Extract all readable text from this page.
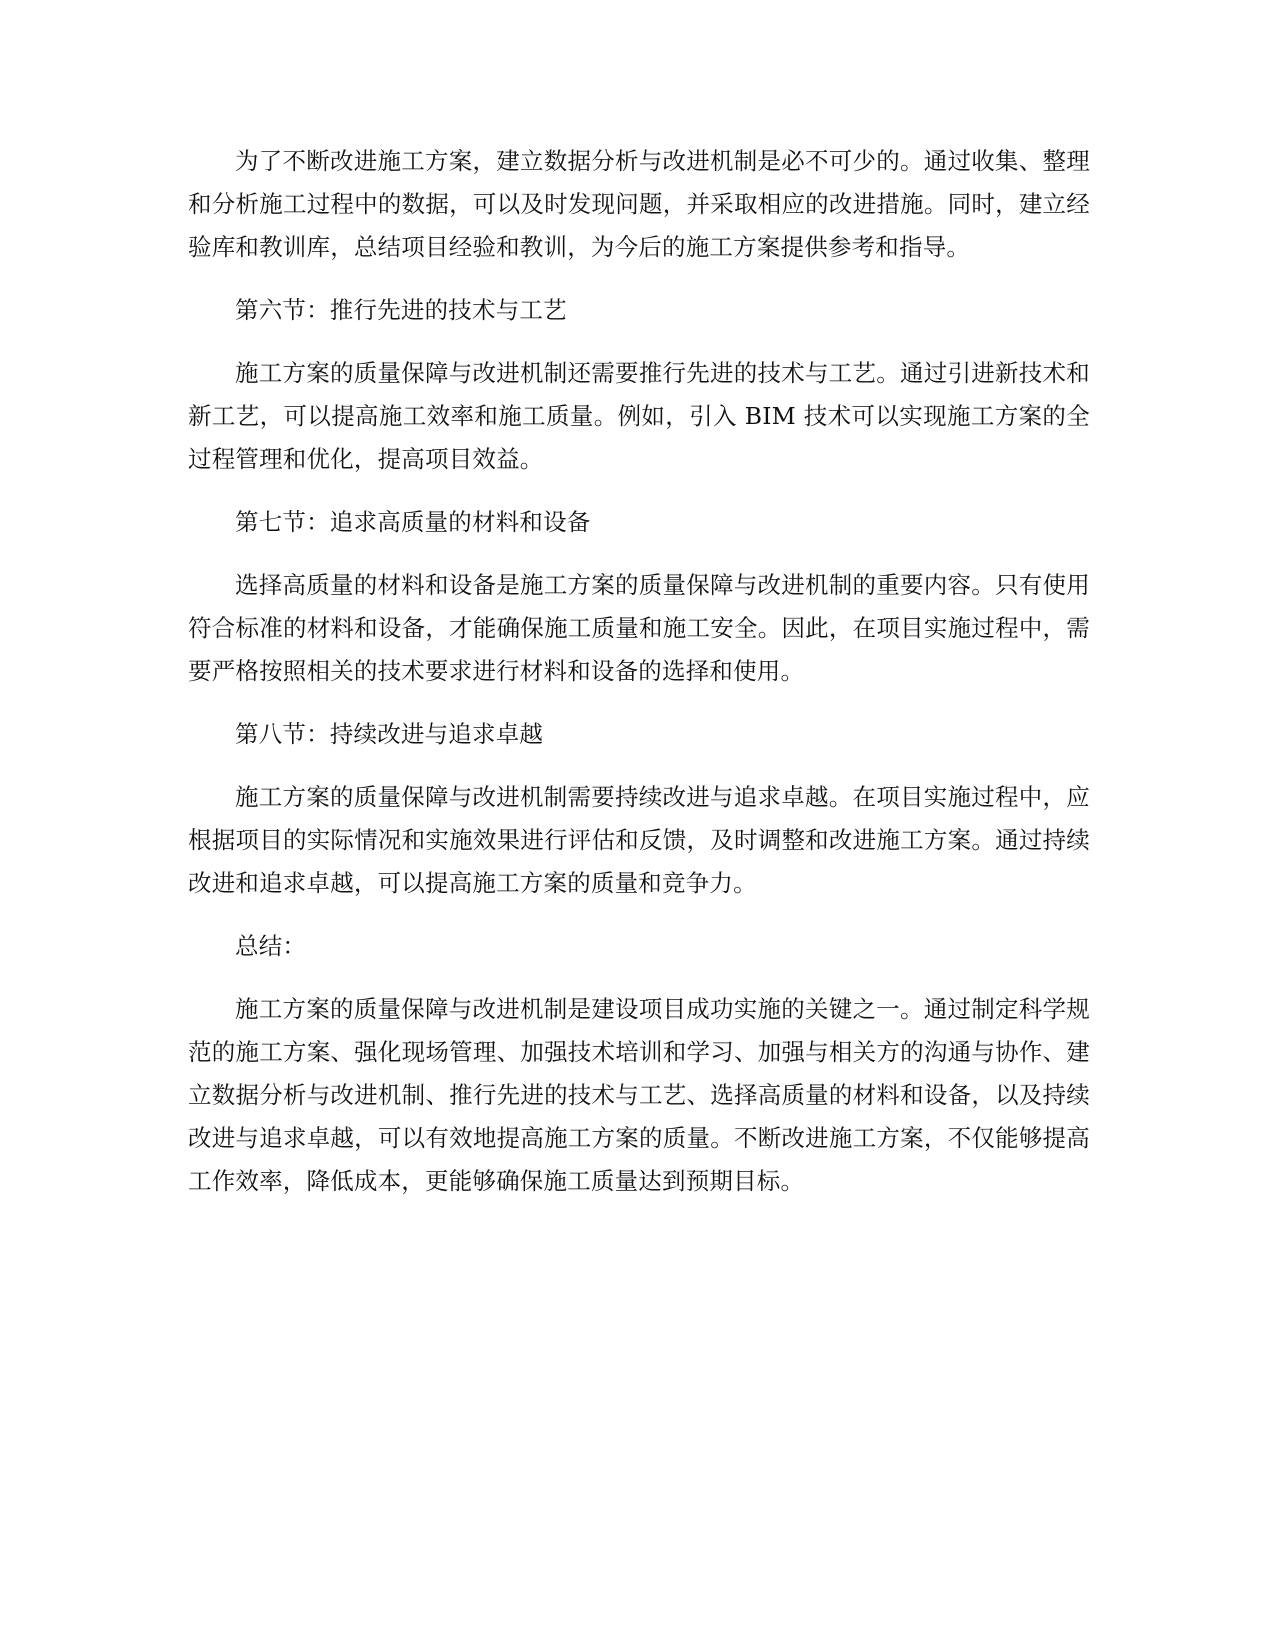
为了不断改进施工方案，建立数据分析与改进机制是必不可少的。通过收集、整理和分析施工过程中的数据，可以及时发现问题，并采取相应的改进措施。同时，建立经验库和教训库，总结项目经验和教训，为今后的施工方案提供参考和指导。

第六节：推行先进的技术与工艺

施工方案的质量保障与改进机制还需要推行先进的技术与工艺。通过引进新技术和新工艺，可以提高施工效率和施工质量。例如，引入 BIM 技术可以实现施工方案的全过程管理和优化，提高项目效益。

第七节：追求高质量的材料和设备

选择高质量的材料和设备是施工方案的质量保障与改进机制的重要内容。只有使用符合标准的材料和设备，才能确保施工质量和施工安全。因此，在项目实施过程中，需要严格按照相关的技术要求进行材料和设备的选择和使用。

第八节：持续改进与追求卓越

施工方案的质量保障与改进机制需要持续改进与追求卓越。在项目实施过程中，应根据项目的实际情况和实施效果进行评估和反馈，及时调整和改进施工方案。通过持续改进和追求卓越，可以提高施工方案的质量和竞争力。

总结：

施工方案的质量保障与改进机制是建设项目成功实施的关键之一。通过制定科学规范的施工方案、强化现场管理、加强技术培训和学习、加强与相关方的沟通与协作、建立数据分析与改进机制、推行先进的技术与工艺、选择高质量的材料和设备，以及持续改进与追求卓越，可以有效地提高施工方案的质量。不断改进施工方案，不仅能够提高工作效率，降低成本，更能够确保施工质量达到预期目标。
